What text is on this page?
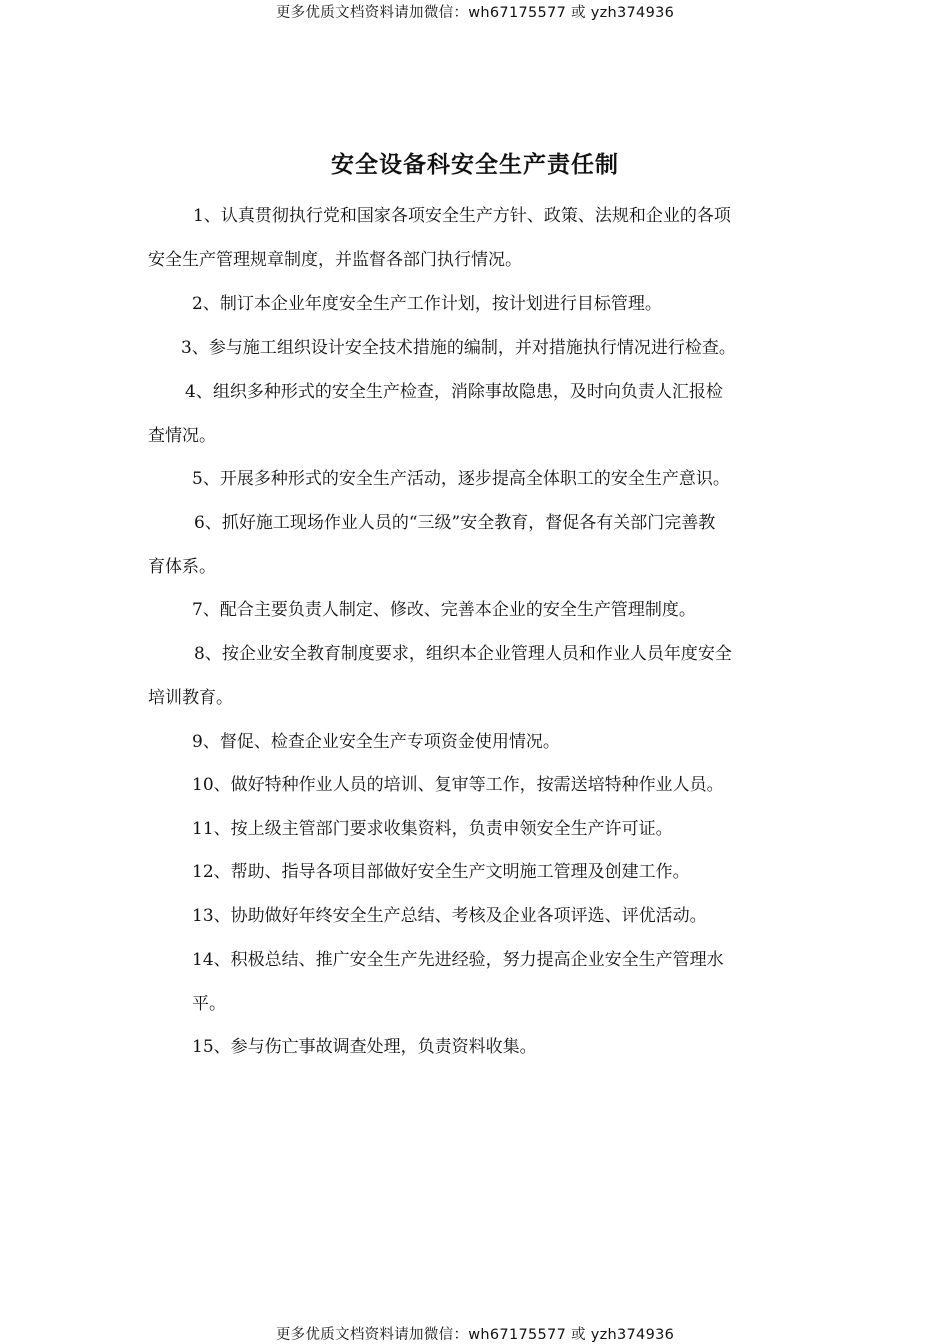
更多优质文档资料请加微信：wh67175577 或 yzh374936
安全设备科安全生产责任制

1、认真贯彻执行党和国家各项安全生产方针、政策、法规和企业的各项
安全生产管理规章制度，并监督各部门执行情况。

2、制订本企业年度安全生产工作计划，按计划进行目标管理。

3、参与施工组织设计安全技术措施的编制，并对措施执行情况进行检查。

4、组织多种形式的安全生产检查，消除事故隐患，及时向负责人汇报检
查情况。

5、开展多种形式的安全生产活动，逐步提高全体职工的安全生产意识。

6、抓好施工现场作业人员的“三级”安全教育，督促各有关部门完善教
育体系。

7、配合主要负责人制定、修改、完善本企业的安全生产管理制度。

8、按企业安全教育制度要求，组织本企业管理人员和作业人员年度安全
培训教育。

9、督促、检查企业安全生产专项资金使用情况。

10、做好特种作业人员的培训、复审等工作，按需送培特种作业人员。

11、按上级主管部门要求收集资料，负责申领安全生产许可证。

12、帮助、指导各项目部做好安全生产文明施工管理及创建工作。

13、协助做好年终安全生产总结、考核及企业各项评选、评优活动。

14、积极总结、推广安全生产先进经验，努力提高企业安全生产管理水
平。

15、参与伤亡事故调查处理，负责资料收集。

更多优质文档资料请加微信：wh67175577 或 yzh374936
